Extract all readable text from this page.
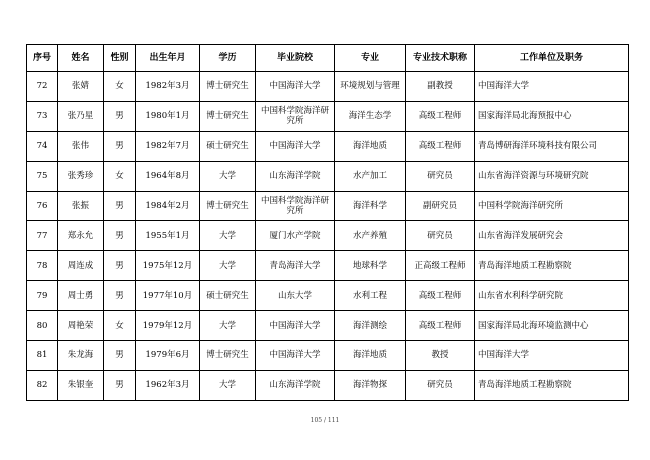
序号	姓名	性别	出生年月	学历	毕业院校	专业	专业技术职称	工作单位及职务
72	张婧	女	1982年3月	博士研究生	中国海洋大学	环境规划与管理	副教授	中国海洋大学
73	张乃星	男	1980年1月	博士研究生	中国科学院海洋研究所	海洋生态学	高级工程师	国家海洋局北海预报中心
74	张伟	男	1982年7月	硕士研究生	中国海洋大学	海洋地质	高级工程师	青岛博研海洋环境科技有限公司
75	张秀珍	女	1964年8月	大学	山东海洋学院	水产加工	研究员	山东省海洋资源与环境研究院
76	张振	男	1984年2月	博士研究生	中国科学院海洋研究所	海洋科学	副研究员	中国科学院海洋研究所
77	郑永允	男	1955年1月	大学	厦门水产学院	水产养殖	研究员	山东省海洋发展研究会
78	周连成	男	1975年12月	大学	青岛海洋大学	地球科学	正高级工程师	青岛海洋地质工程勘察院
79	周士勇	男	1977年10月	硕士研究生	山东大学	水利工程	高级工程师	山东省水利科学研究院
80	周艳荣	女	1979年12月	大学	中国海洋大学	海洋测绘	高级工程师	国家海洋局北海环境监测中心
81	朱龙海	男	1979年6月	博士研究生	中国海洋大学	海洋地质	教授	中国海洋大学
82	朱银奎	男	1962年3月	大学	山东海洋学院	海洋物探	研究员	青岛海洋地质工程勘察院
105 / 111
